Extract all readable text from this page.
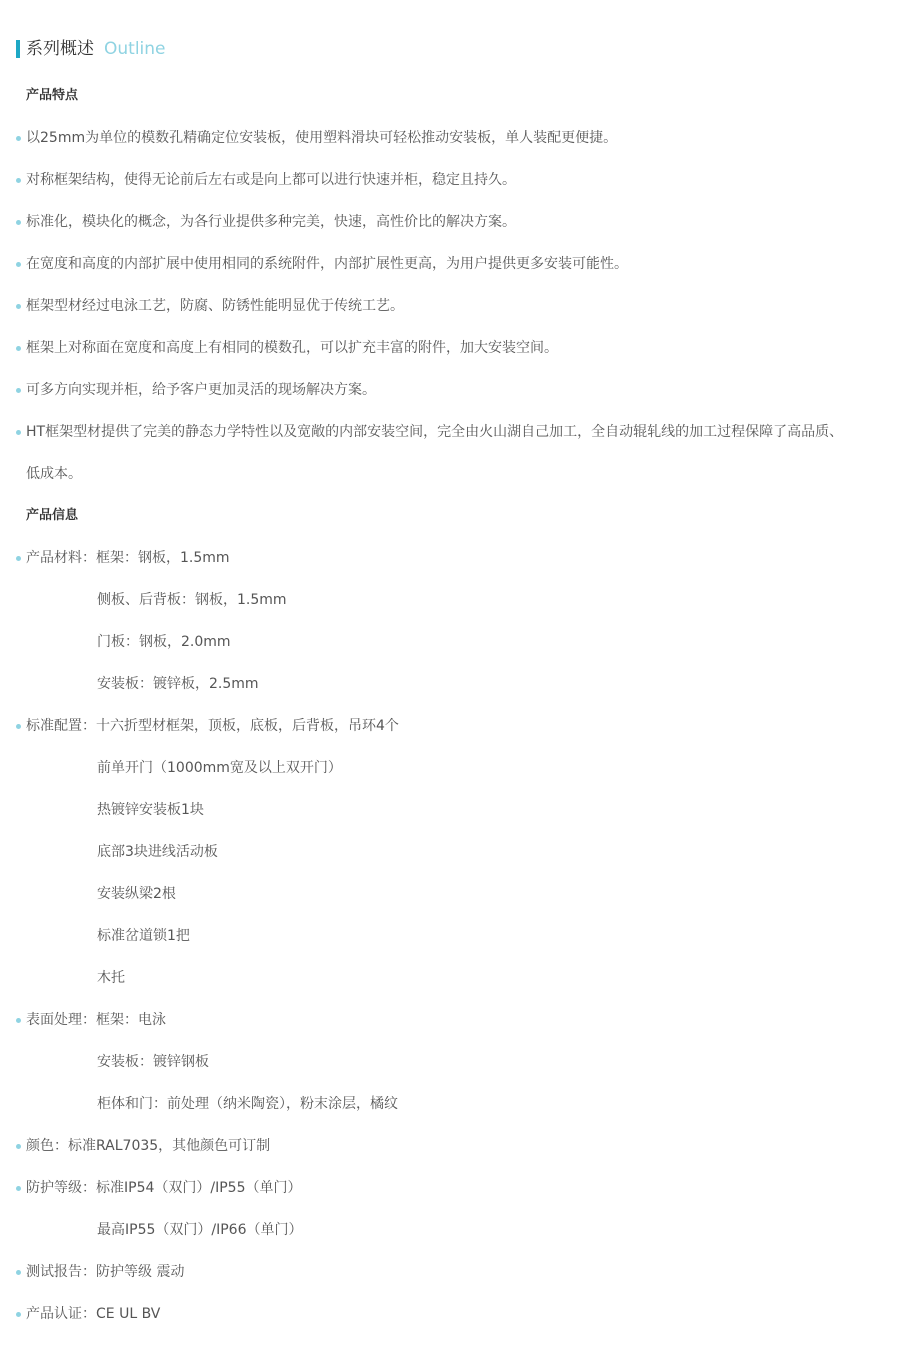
系列概述 Outline
产品特点
以25mm为单位的模数孔精确定位安装板，使用塑料滑块可轻松推动安装板，单人装配更便捷。
对称框架结构，使得无论前后左右或是向上都可以进行快速并柜，稳定且持久。
标准化，模块化的概念，为各行业提供多种完美，快速，高性价比的解决方案。
在宽度和高度的内部扩展中使用相同的系统附件，内部扩展性更高，为用户提供更多安装可能性。
框架型材经过电泳工艺，防腐、防锈性能明显优于传统工艺。
框架上对称面在宽度和高度上有相同的模数孔，可以扩充丰富的附件，加大安装空间。
可多方向实现并柜，给予客户更加灵活的现场解决方案。
HT框架型材提供了完美的静态力学特性以及宽敞的内部安装空间，完全由火山湖自己加工，全自动辊轧线的加工过程保障了高品质、
低成本。
产品信息
产品材料：框架：钢板，1.5mm
侧板、后背板：钢板，1.5mm
门板：钢板，2.0mm
安装板：镀锌板，2.5mm
标准配置：十六折型材框架，顶板，底板，后背板，吊环4个
前单开门（1000mm宽及以上双开门）
热镀锌安装板1块
底部3块进线活动板
安装纵梁2根
标准岔道锁1把
木托
表面处理：框架：电泳
安装板：镀锌钢板
柜体和门：前处理（纳米陶瓷），粉末涂层，橘纹
颜色：标准RAL7035，其他颜色可订制
防护等级：标准IP54（双门）/IP55（单门）
最高IP55（双门）/IP66（单门）
测试报告：防护等级 震动
产品认证：CE UL BV
